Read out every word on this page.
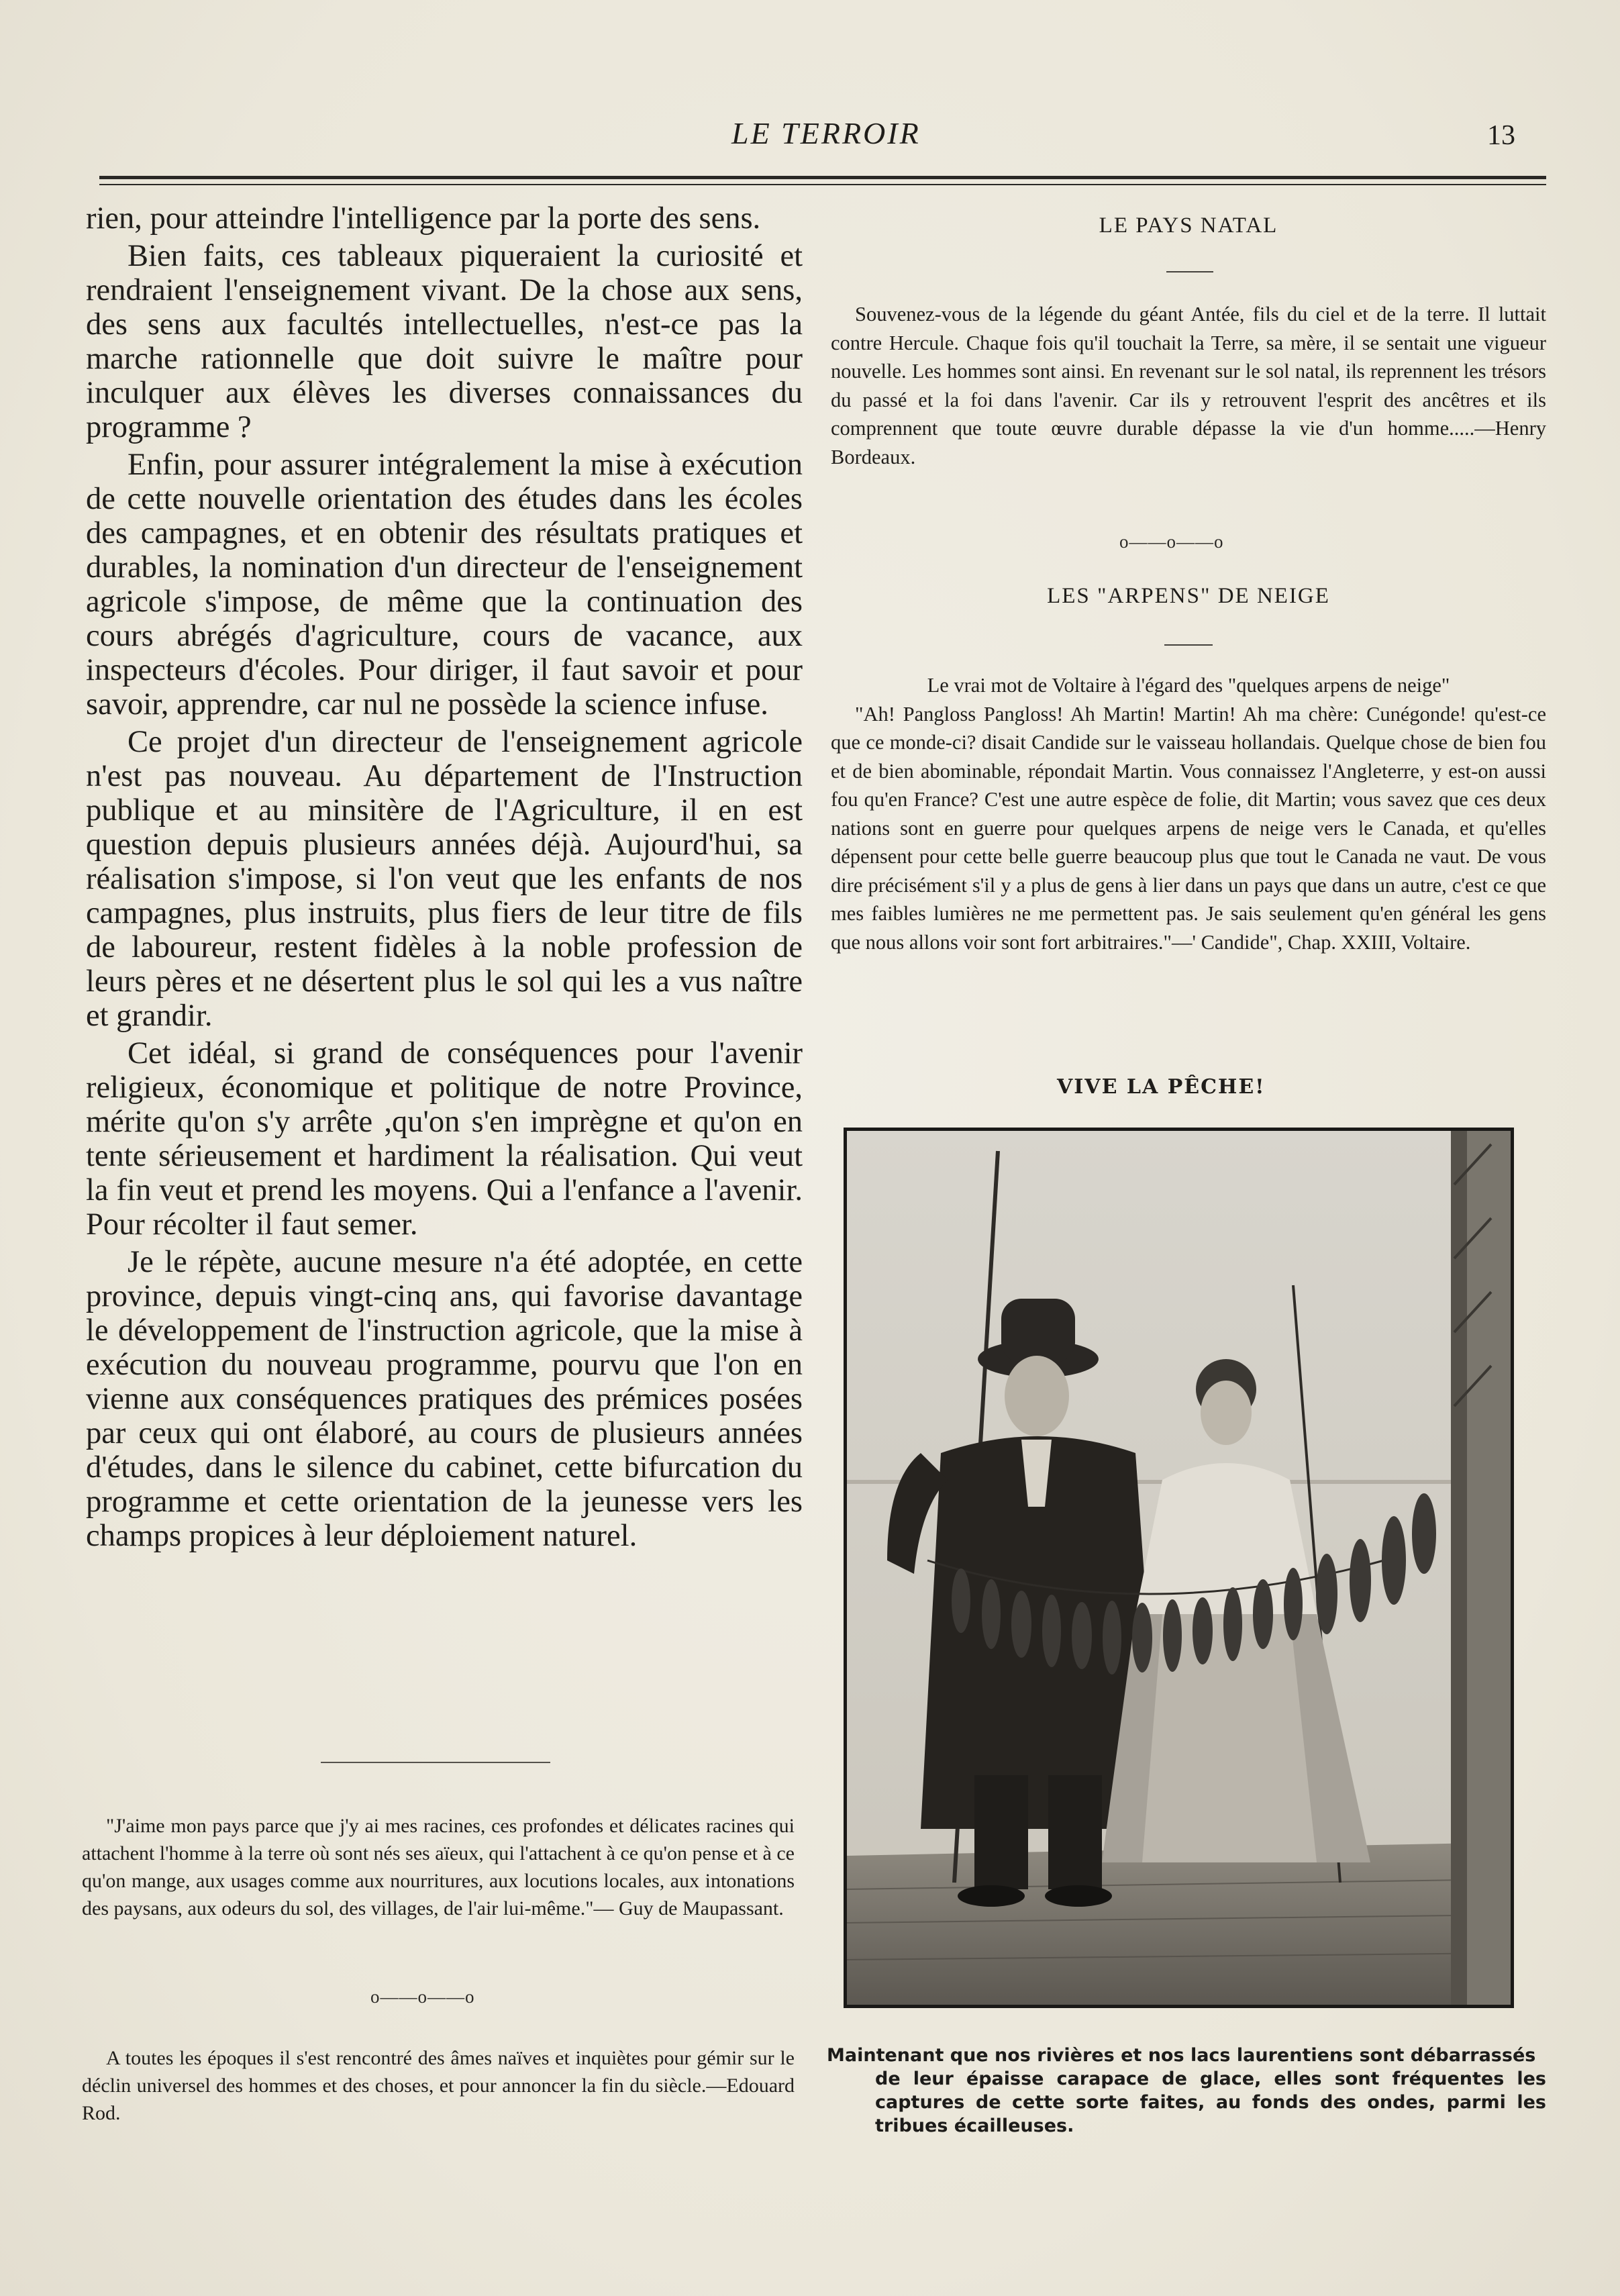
LE TERROIR	13

rien, pour atteindre l'intelligence par la porte des sens.

Bien faits, ces tableaux piqueraient la curiosité et rendraient l'enseignement vivant. De la chose aux sens, des sens aux facultés intellectuelles, n'est-ce pas la marche rationnelle que doit suivre le maître pour inculquer aux élèves les diverses connaissances du programme ?

Enfin, pour assurer intégralement la mise à exécution de cette nouvelle orientation des études dans les écoles des campagnes, et en obtenir des résultats pratiques et durables, la nomination d'un directeur de l'enseignement agricole s'impose, de même que la continuation des cours abrégés d'agriculture, cours de vacance, aux inspecteurs d'écoles. Pour diriger, il faut savoir et pour savoir, apprendre, car nul ne possède la science infuse.

Ce projet d'un directeur de l'enseignement agricole n'est pas nouveau. Au département de l'Instruction publique et au minsitère de l'Agriculture, il en est question depuis plusieurs années déjà. Aujourd'hui, sa réalisation s'impose, si l'on veut que les enfants de nos campagnes, plus instruits, plus fiers de leur titre de fils de laboureur, restent fidèles à la noble profession de leurs pères et ne désertent plus le sol qui les a vus naître et grandir.

Cet idéal, si grand de conséquences pour l'avenir religieux, économique et politique de notre Province, mérite qu'on s'y arrête ,qu'on s'en imprègne et qu'on en tente sérieusement et hardiment la réalisation. Qui veut la fin veut et prend les moyens. Qui a l'enfance a l'avenir. Pour récolter il faut semer.

Je le répète, aucune mesure n'a été adoptée, en cette province, depuis vingt-cinq ans, qui favorise davantage le développement de l'instruction agricole, que la mise à exécution du nouveau programme, pourvu que l'on en vienne aux conséquences pratiques des prémices posées par ceux qui ont élaboré, au cours de plusieurs années d'études, dans le silence du cabinet, cette bifurcation du programme et cette orientation de la jeunesse vers les champs propices à leur déploiement naturel.

"J'aime mon pays parce que j'y ai mes racines, ces profondes et délicates racines qui attachent l'homme à la terre où sont nés ses aïeux, qui l'attachent à ce qu'on pense et à ce qu'on mange, aux usages comme aux nourritures, aux locutions locales, aux intonations des paysans, aux odeurs du sol, des villages, de l'air lui-même."— Guy de Maupassant.

o——o——o

A toutes les époques il s'est rencontré des âmes naïves et inquiètes pour gémir sur le déclin universel des hommes et des choses, et pour annoncer la fin du siècle.—Edouard Rod.

LE PAYS NATAL

Souvenez-vous de la légende du géant Antée, fils du ciel et de la terre. Il luttait contre Hercule. Chaque fois qu'il touchait la Terre, sa mère, il se sentait une vigueur nouvelle. Les hommes sont ainsi. En revenant sur le sol natal, ils reprennent les trésors du passé et la foi dans l'avenir. Car ils y retrouvent l'esprit des ancêtres et ils comprennent que toute œuvre durable dépasse la vie d'un homme.....—Henry Bordeaux.

o——o——o
LES "ARPENS" DE NEIGE

Le vrai mot de Voltaire à l'égard des "quelques arpens de neige"

"Ah! Pangloss Pangloss! Ah Martin! Martin! Ah ma chère: Cunégonde! qu'est-ce que ce monde-ci? disait Candide sur le vaisseau hollandais. Quelque chose de bien fou et de bien abominable, répondait Martin. Vous connaissez l'Angleterre, y est-on aussi fou qu'en France? C'est une autre espèce de folie, dit Martin; vous savez que ces deux nations sont en guerre pour quelques arpens de neige vers le Canada, et qu'elles dépensent pour cette belle guerre beaucoup plus que tout le Canada ne vaut. De vous dire précisément s'il y a plus de gens à lier dans un pays que dans un autre, c'est ce que mes faibles lumières ne me permettent pas. Je sais seulement qu'en général les gens que nous allons voir sont fort arbitraires."—' Candide", Chap. XXIII, Voltaire.

VIVE LA PÊCHE!
Maintenant que nos rivières et nos lacs laurentiens sont débarrassés
de leur épaisse carapace de glace, elles sont fréquentes les captures de cette sorte faites, au fonds des ondes, parmi les tribues écailleuses.
